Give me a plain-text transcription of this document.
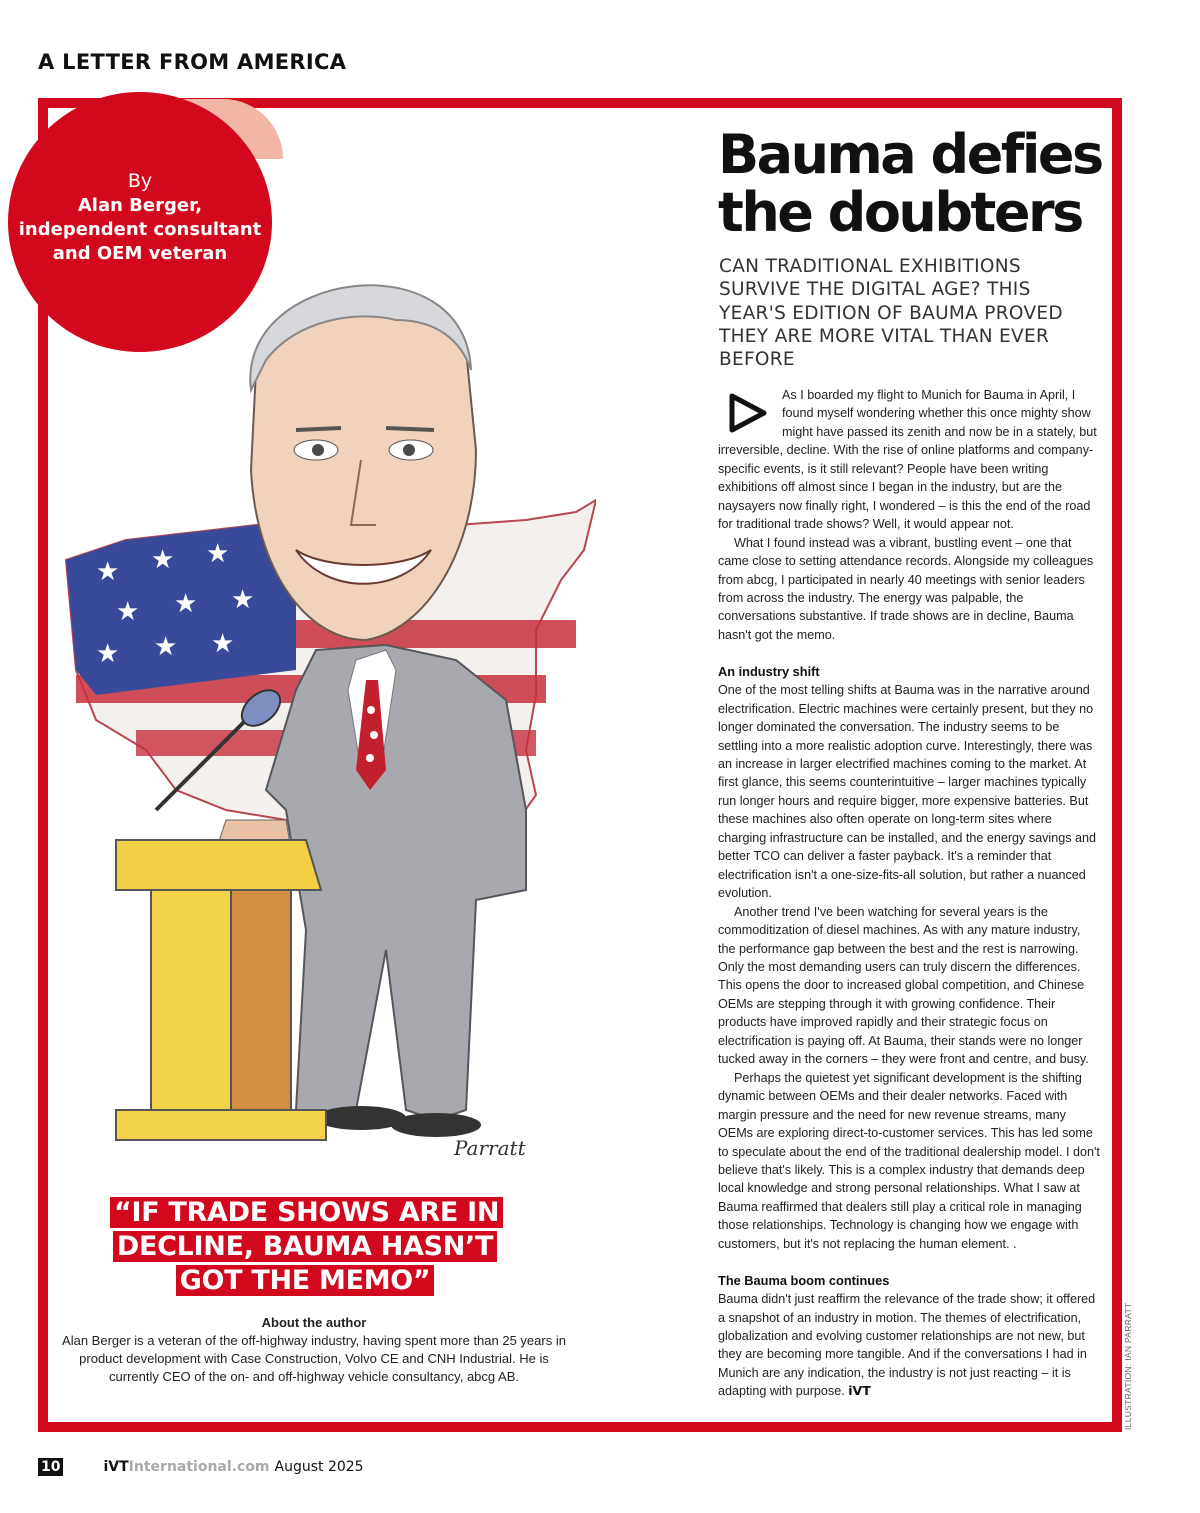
A LETTER FROM AMERICA
By
Alan Berger,
independent consultant
and OEM veteran
★ ★ ★
★ ★ ★
★ ★ ★
Parratt
“IF TRADE SHOWS ARE IN DECLINE, BAUMA HASN’T GOT THE MEMO”
About the author
Alan Berger is a veteran of the off-highway industry, having spent more than 25 years in product development with Case Construction, Volvo CE and CNH Industrial. He is currently CEO of the on- and off-highway vehicle consultancy, abcg AB.
Bauma defies
the doubters
CAN TRADITIONAL EXHIBITIONS SURVIVE THE DIGITAL AGE? THIS YEAR'S EDITION OF BAUMA PROVED THEY ARE MORE VITAL THAN EVER BEFORE

As I boarded my flight to Munich for Bauma in April, I found myself wondering whether this once mighty show might have passed its zenith and now be in a stately, but irreversible, decline. With the rise of online platforms and company-specific events, is it still relevant? People have been writing exhibitions off almost since I began in the industry, but are the naysayers now finally right, I wondered – is this the end of the road for traditional trade shows? Well, it would appear not.

What I found instead was a vibrant, bustling event – one that came close to setting attendance records. Alongside my colleagues from abcg, I participated in nearly 40 meetings with senior leaders from across the industry. The energy was palpable, the conversations substantive. If trade shows are in decline, Bauma hasn't got the memo.

An industry shift

One of the most telling shifts at Bauma was in the narrative around electrification. Electric machines were certainly present, but they no longer dominated the conversation. The industry seems to be settling into a more realistic adoption curve. Interestingly, there was an increase in larger electrified machines coming to the market. At first glance, this seems counterintuitive – larger machines typically run longer hours and require bigger, more expensive batteries. But these machines also often operate on long-term sites where charging infrastructure can be installed, and the energy savings and better TCO can deliver a faster payback. It's a reminder that electrification isn't a one-size-fits-all solution, but rather a nuanced evolution.

Another trend I've been watching for several years is the commoditization of diesel machines. As with any mature industry, the performance gap between the best and the rest is narrowing. Only the most demanding users can truly discern the differences. This opens the door to increased global competition, and Chinese OEMs are stepping through it with growing confidence. Their products have improved rapidly and their strategic focus on electrification is paying off. At Bauma, their stands were no longer tucked away in the corners – they were front and centre, and busy.

Perhaps the quietest yet significant development is the shifting dynamic between OEMs and their dealer networks. Faced with margin pressure and the need for new revenue streams, many OEMs are exploring direct-to-customer services. This has led some to speculate about the end of the traditional dealership model. I don't believe that's likely. This is a complex industry that demands deep local knowledge and strong personal relationships. What I saw at Bauma reaffirmed that dealers still play a critical role in managing those relationships. Technology is changing how we engage with customers, but it's not replacing the human element. .

The Bauma boom continues

Bauma didn't just reaffirm the relevance of the trade show; it offered a snapshot of an industry in motion. The themes of electrification, globalization and evolving customer relationships are not new, but they are becoming more tangible. And if the conversations I had in Munich are any indication, the industry is not just reacting – it is adapting with purpose. iVT	ILLUSTRATION: IAN PARRATT
10	iVT International.com August 2025
